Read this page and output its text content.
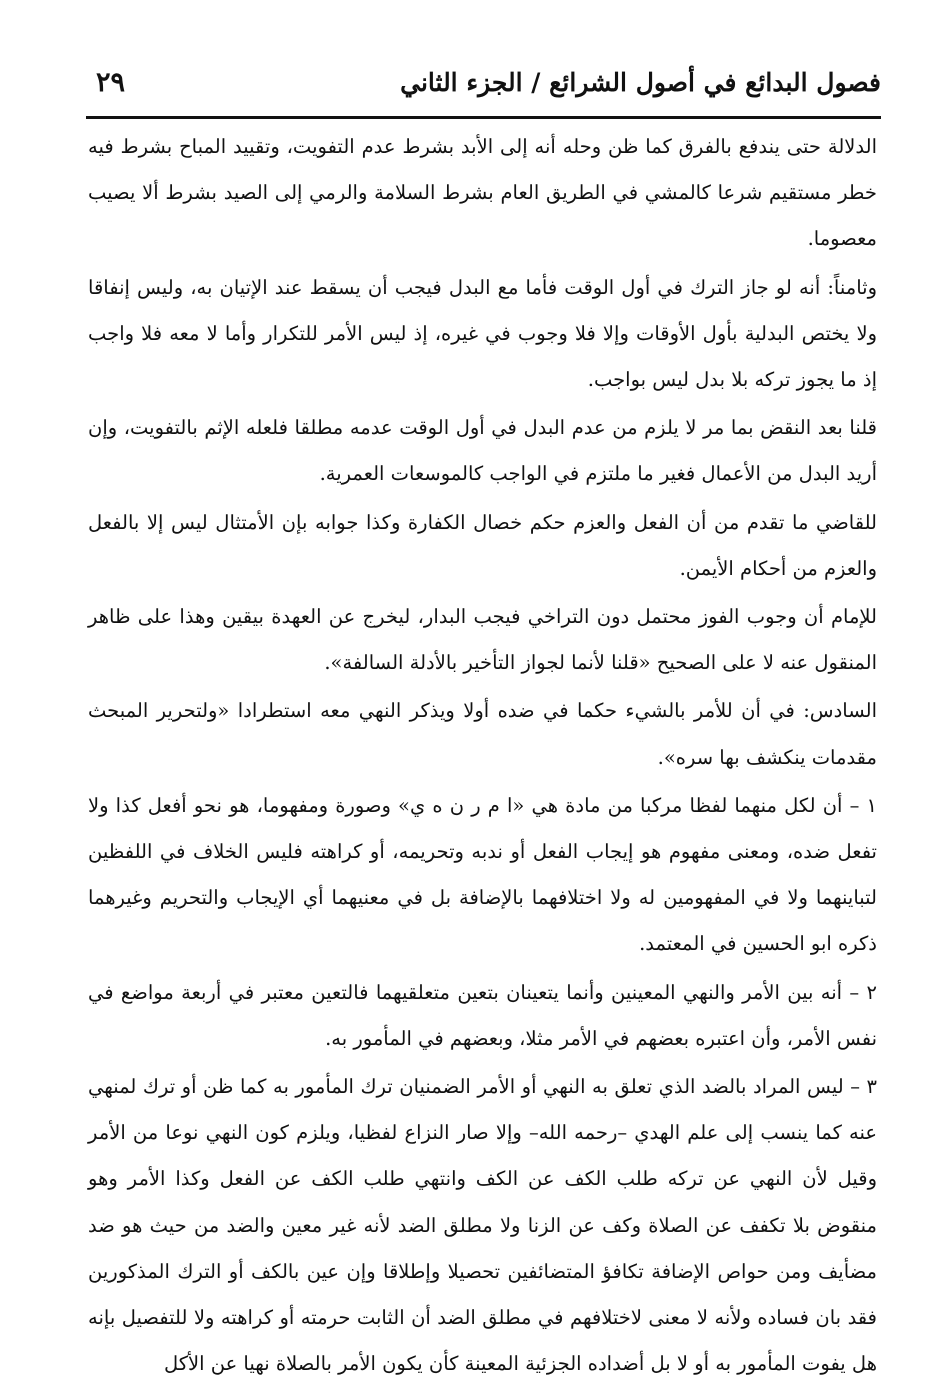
فصول البدائع في أصول الشرائع / الجزء الثاني
٢٩

الدلالة حتى يندفع بالفرق كما ظن وحله أنه إلى الأبد بشرط عدم التفويت، وتقييد المباح بشرط فيه خطر مستقيم شرعا كالمشي في الطريق العام بشرط السلامة والرمي إلى الصيد بشرط ألا يصيب معصوما.

وثامناً: أنه لو جاز الترك في أول الوقت فأما مع البدل فيجب أن يسقط عند الإتيان به، وليس إنفاقا ولا يختص البدلية بأول الأوقات وإلا فلا وجوب في غيره، إذ ليس الأمر للتكرار وأما لا معه فلا واجب إذ ما يجوز تركه بلا بدل ليس بواجب.

قلنا بعد النقض بما مر لا يلزم من عدم البدل في أول الوقت عدمه مطلقا فلعله الإثم بالتفويت، وإن أريد البدل من الأعمال فغير ما ملتزم في الواجب كالموسعات العمرية.

للقاضي ما تقدم من أن الفعل والعزم حكم خصال الكفارة وكذا جوابه بإن الأمتثال ليس إلا بالفعل والعزم من أحكام الأيمن.

للإمام أن وجوب الفوز محتمل دون التراخي فيجب البدار، ليخرج عن العهدة بيقين وهذا على ظاهر المنقول عنه لا على الصحيح «قلنا لأنما لجواز التأخير بالأدلة السالفة».

السادس: في أن للأمر بالشيء حكما في ضده أولا ويذكر النهي معه استطرادا «ولتحرير المبحث مقدمات ينكشف بها سره».

١ – أن لكل منهما لفظا مركبا من مادة هي «ا م ر ن ه ي» وصورة ومفهوما، هو نحو أفعل كذا ولا تفعل ضده، ومعنى مفهوم هو إيجاب الفعل أو ندبه وتحريمه، أو كراهته فليس الخلاف في اللفظين لتباينهما ولا في المفهومين له ولا اختلافهما بالإضافة بل في معنيهما أي الإيجاب والتحريم وغيرهما ذكره ابو الحسين في المعتمد.

٢ – أنه بين الأمر والنهي المعينين وأنما يتعينان بتعين متعلقيهما فالتعين معتبر في أربعة مواضع في نفس الأمر، وأن اعتبره بعضهم في الأمر مثلا، وبعضهم في المأمور به.

٣ – ليس المراد بالضد الذي تعلق به النهي أو الأمر الضمنيان ترك المأمور به كما ظن أو ترك لمنهي عنه كما ينسب إلى علم الهدي –رحمه الله– وإلا صار النزاع لفظيا، ويلزم كون النهي نوعا من الأمر وقيل لأن النهي عن تركه طلب الكف عن الكف وانتهي طلب الكف عن الفعل وكذا الأمر وهو منقوض بلا تكفف عن الصلاة وكف عن الزنا ولا مطلق الضد لأنه غير معين والضد من حيث هو ضد مضأيف ومن حواص الإضافة تكافؤ المتضائفين تحصيلا وإطلاقا وإن عين بالكف أو الترك المذكورين فقد بان فساده ولأنه لا معنى لاختلافهم في مطلق الضد أن الثابت حرمته أو كراهته ولا للتفصيل بإنه هل يفوت المأمور به أو لا بل أضداده الجزئية المعينة كأن يكون الأمر بالصلاة نهيا عن الأكل
